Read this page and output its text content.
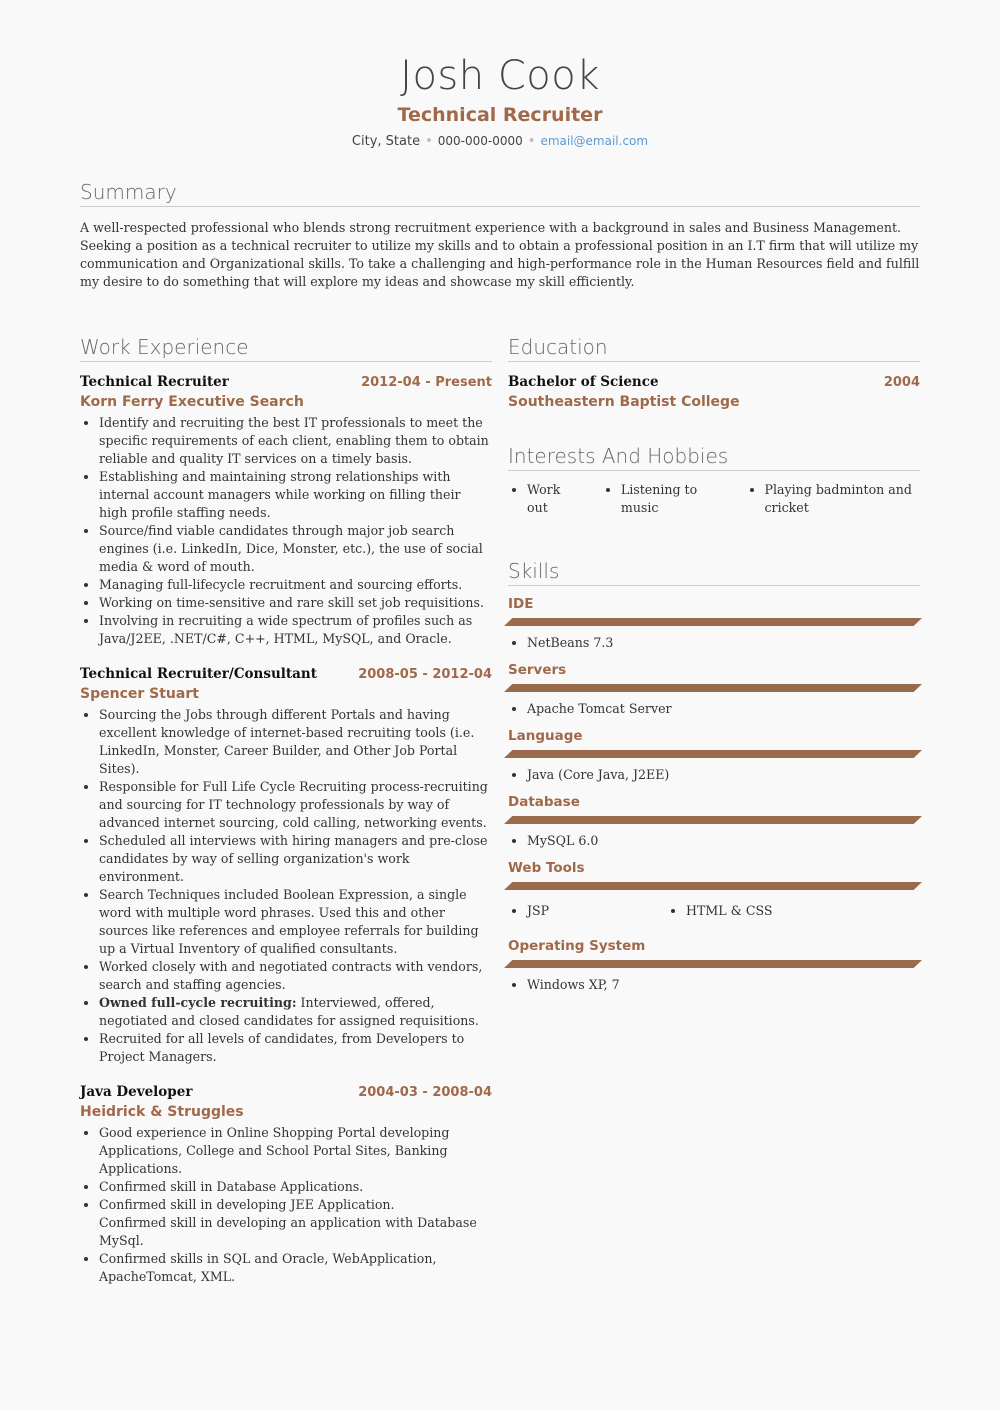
Josh Cook
Technical Recruiter
City, State • 000-000-0000 • email@email.com
Summary

A well-respected professional who blends strong recruitment experience with a background in sales and Business Management. Seeking a position as a technical recruiter to utilize my skills and to obtain a professional position in an I.T firm that will utilize my communication and Organizational skills. To take a challenging and high-performance role in the Human Resources field and fulfill my desire to do something that will explore my ideas and showcase my skill efficiently.

Work Experience
Technical Recruiter	2012-04 - Present
Korn Ferry Executive Search
• Identify and recruiting the best IT professionals to meet the specific requirements of each client, enabling them to obtain reliable and quality IT services on a timely basis.
• Establishing and maintaining strong relationships with internal account managers while working on filling their high profile staffing needs.
• Source/find viable candidates through major job search engines (i.e. LinkedIn, Dice, Monster, etc.), the use of social media & word of mouth.
• Managing full-lifecycle recruitment and sourcing efforts.
• Working on time-sensitive and rare skill set job requisitions.
• Involving in recruiting a wide spectrum of profiles such as Java/J2EE, .NET/C#, C++, HTML, MySQL, and Oracle.
Technical Recruiter/Consultant	2008-05 - 2012-04
Spencer Stuart
• Sourcing the Jobs through different Portals and having excellent knowledge of internet-based recruiting tools (i.e. LinkedIn, Monster, Career Builder, and Other Job Portal Sites).
• Responsible for Full Life Cycle Recruiting process-recruiting and sourcing for IT technology professionals by way of advanced internet sourcing, cold calling, networking events.
• Scheduled all interviews with hiring managers and pre-close candidates by way of selling organization's work environment.
• Search Techniques included Boolean Expression, a single word with multiple word phrases. Used this and other sources like references and employee referrals for building up a Virtual Inventory of qualified consultants.
• Worked closely with and negotiated contracts with vendors, search and staffing agencies.
• Owned full-cycle recruiting: Interviewed, offered, negotiated and closed candidates for assigned requisitions.
• Recruited for all levels of candidates, from Developers to Project Managers.
Java Developer	2004-03 - 2008-04
Heidrick & Struggles
• Good experience in Online Shopping Portal developing Applications, College and School Portal Sites, Banking Applications.
• Confirmed skill in Database Applications.
• Confirmed skill in developing JEE Application.
Confirmed skill in developing an application with Database MySql.
• Confirmed skills in SQL and Oracle, WebApplication, ApacheTomcat, XML.
Education
Bachelor of Science	2004
Southeastern Baptist College
Interests And Hobbies
• Work out
• Listening to music
• Playing badminton and cricket
Skills
IDE
• NetBeans 7.3
Servers
• Apache Tomcat Server
Language
• Java (Core Java, J2EE)
Database
• MySQL 6.0
Web Tools
• JSP
•	HTML & CSS
Operating System
• Windows XP, 7
